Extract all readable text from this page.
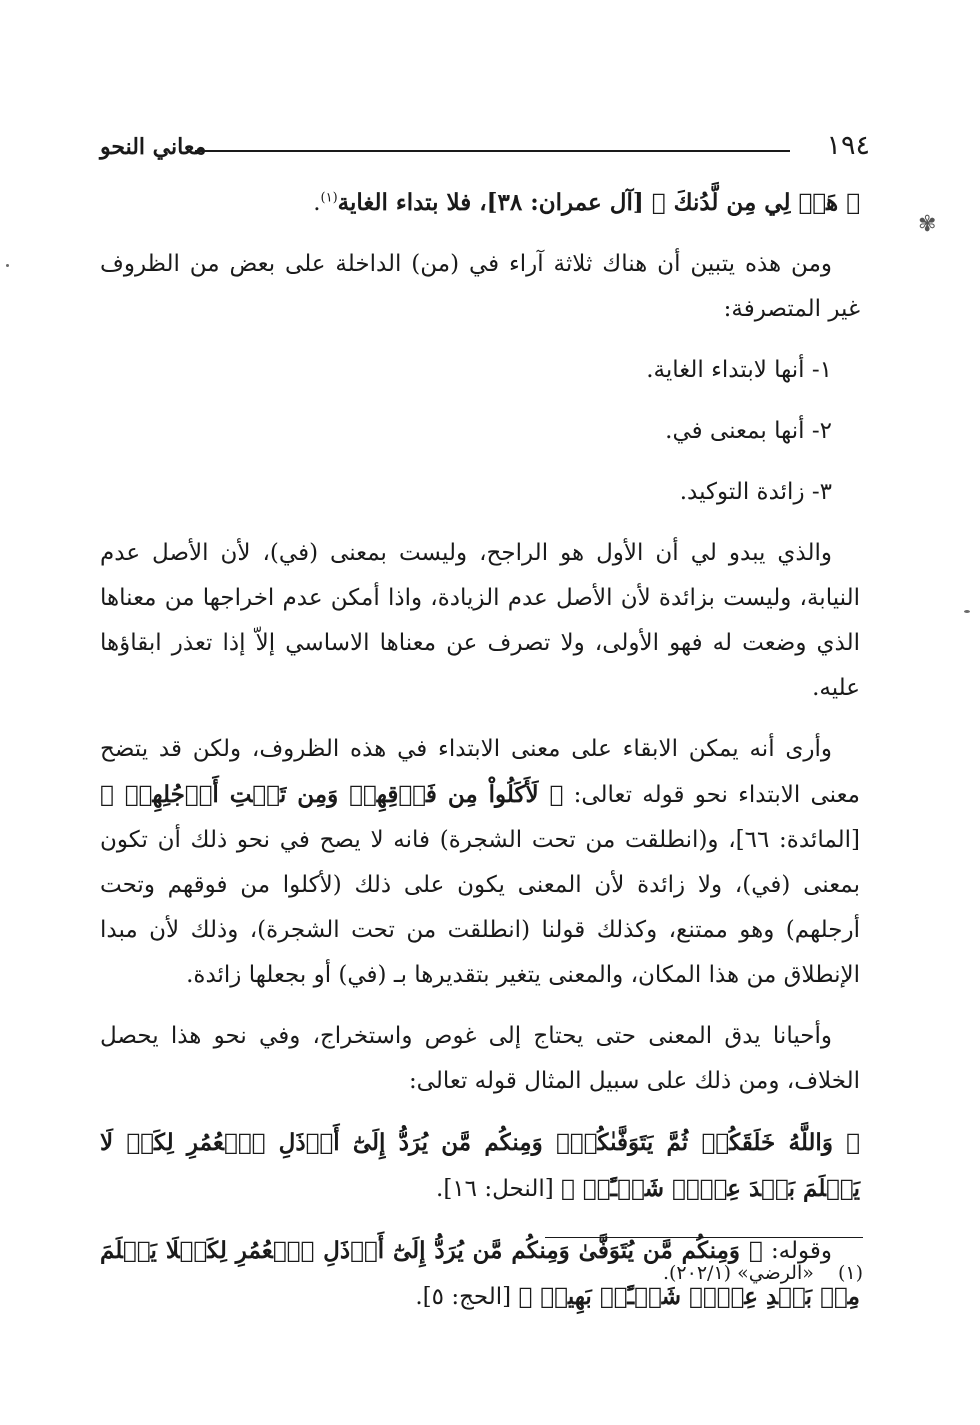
١٩٤
معاني النحو
✾

﴿ هَبۡ لِي مِن لَّدُنكَ ﴾ [آل عمران: ٣٨]، فلا بتداء الغاية$^{(١)}$.

ومن هذه يتبين أن هناك ثلاثة آراء في (من) الداخلة على بعض من الظروف غير المتصرفة:

١- أنها لابتداء الغاية.

٢- أنها بمعنى في.

٣- زائدة التوكيد.

والذي يبدو لي أن الأول هو الراجح، وليست بمعنى (في)، لأن الأصل عدم النيابة، وليست بزائدة لأن الأصل عدم الزيادة، واذا أمكن عدم اخراجها من معناها الذي وضعت له فهو الأولى، ولا تصرف عن معناها الاساسي إلاّ إذا تعذر ابقاؤها عليه.

وأرى أنه يمكن الابقاء على معنى الابتداء في هذه الظروف، ولكن قد يتضح معنى الابتداء نحو قوله تعالى: ﴿ لَأَكَلُواْ مِن فَوۡقِهِمۡ وَمِن تَحۡتِ أَرۡجُلِهِمۚ ﴾ [المائدة: ٦٦]، و(انطلقت من تحت الشجرة) فانه لا يصح في نحو ذلك أن تكون بمعنى (في)، ولا زائدة لأن المعنى يكون على ذلك (لأكلوا من فوقهم وتحت أرجلهم) وهو ممتنع، وكذلك قولنا (انطلقت من تحت الشجرة)، وذلك لأن مبدا الإنطلاق من هذا المكان، والمعنى يتغير بتقديرها بـ (في) أو بجعلها زائدة.

وأحيانا يدق المعنى حتى يحتاج إلى غوص واستخراج، وفي نحو هذا يحصل الخلاف، ومن ذلك على سبيل المثال قوله تعالى:

﴿ وَاللَّهُ خَلَقَكُمۡ ثُمَّ يَتَوَفَّىٰكُمۡۚ وَمِنكُم مَّن يُرَدُّ إِلَىٰٓ أَرۡذَلِ ٱلۡعُمُرِ لِكَيۡ لَا يَعۡلَمَ بَعۡدَ عِلۡمٖ شَيۡـًٔاۚ ﴾ [النحل: ١٦].

وقوله: ﴿ وَمِنكُم مَّن يُتَوَفَّىٰ وَمِنكُم مَّن يُرَدُّ إِلَىٰٓ أَرۡذَلِ ٱلۡعُمُرِ لِكَيۡلَا يَعۡلَمَ مِنۢ بَعۡدِ عِلۡمٖ شَيۡـًٔاۚ بَهِيجٖ ﴾ [الحج: ٥].

(١) «الرضي» (٢٠٢/١).
